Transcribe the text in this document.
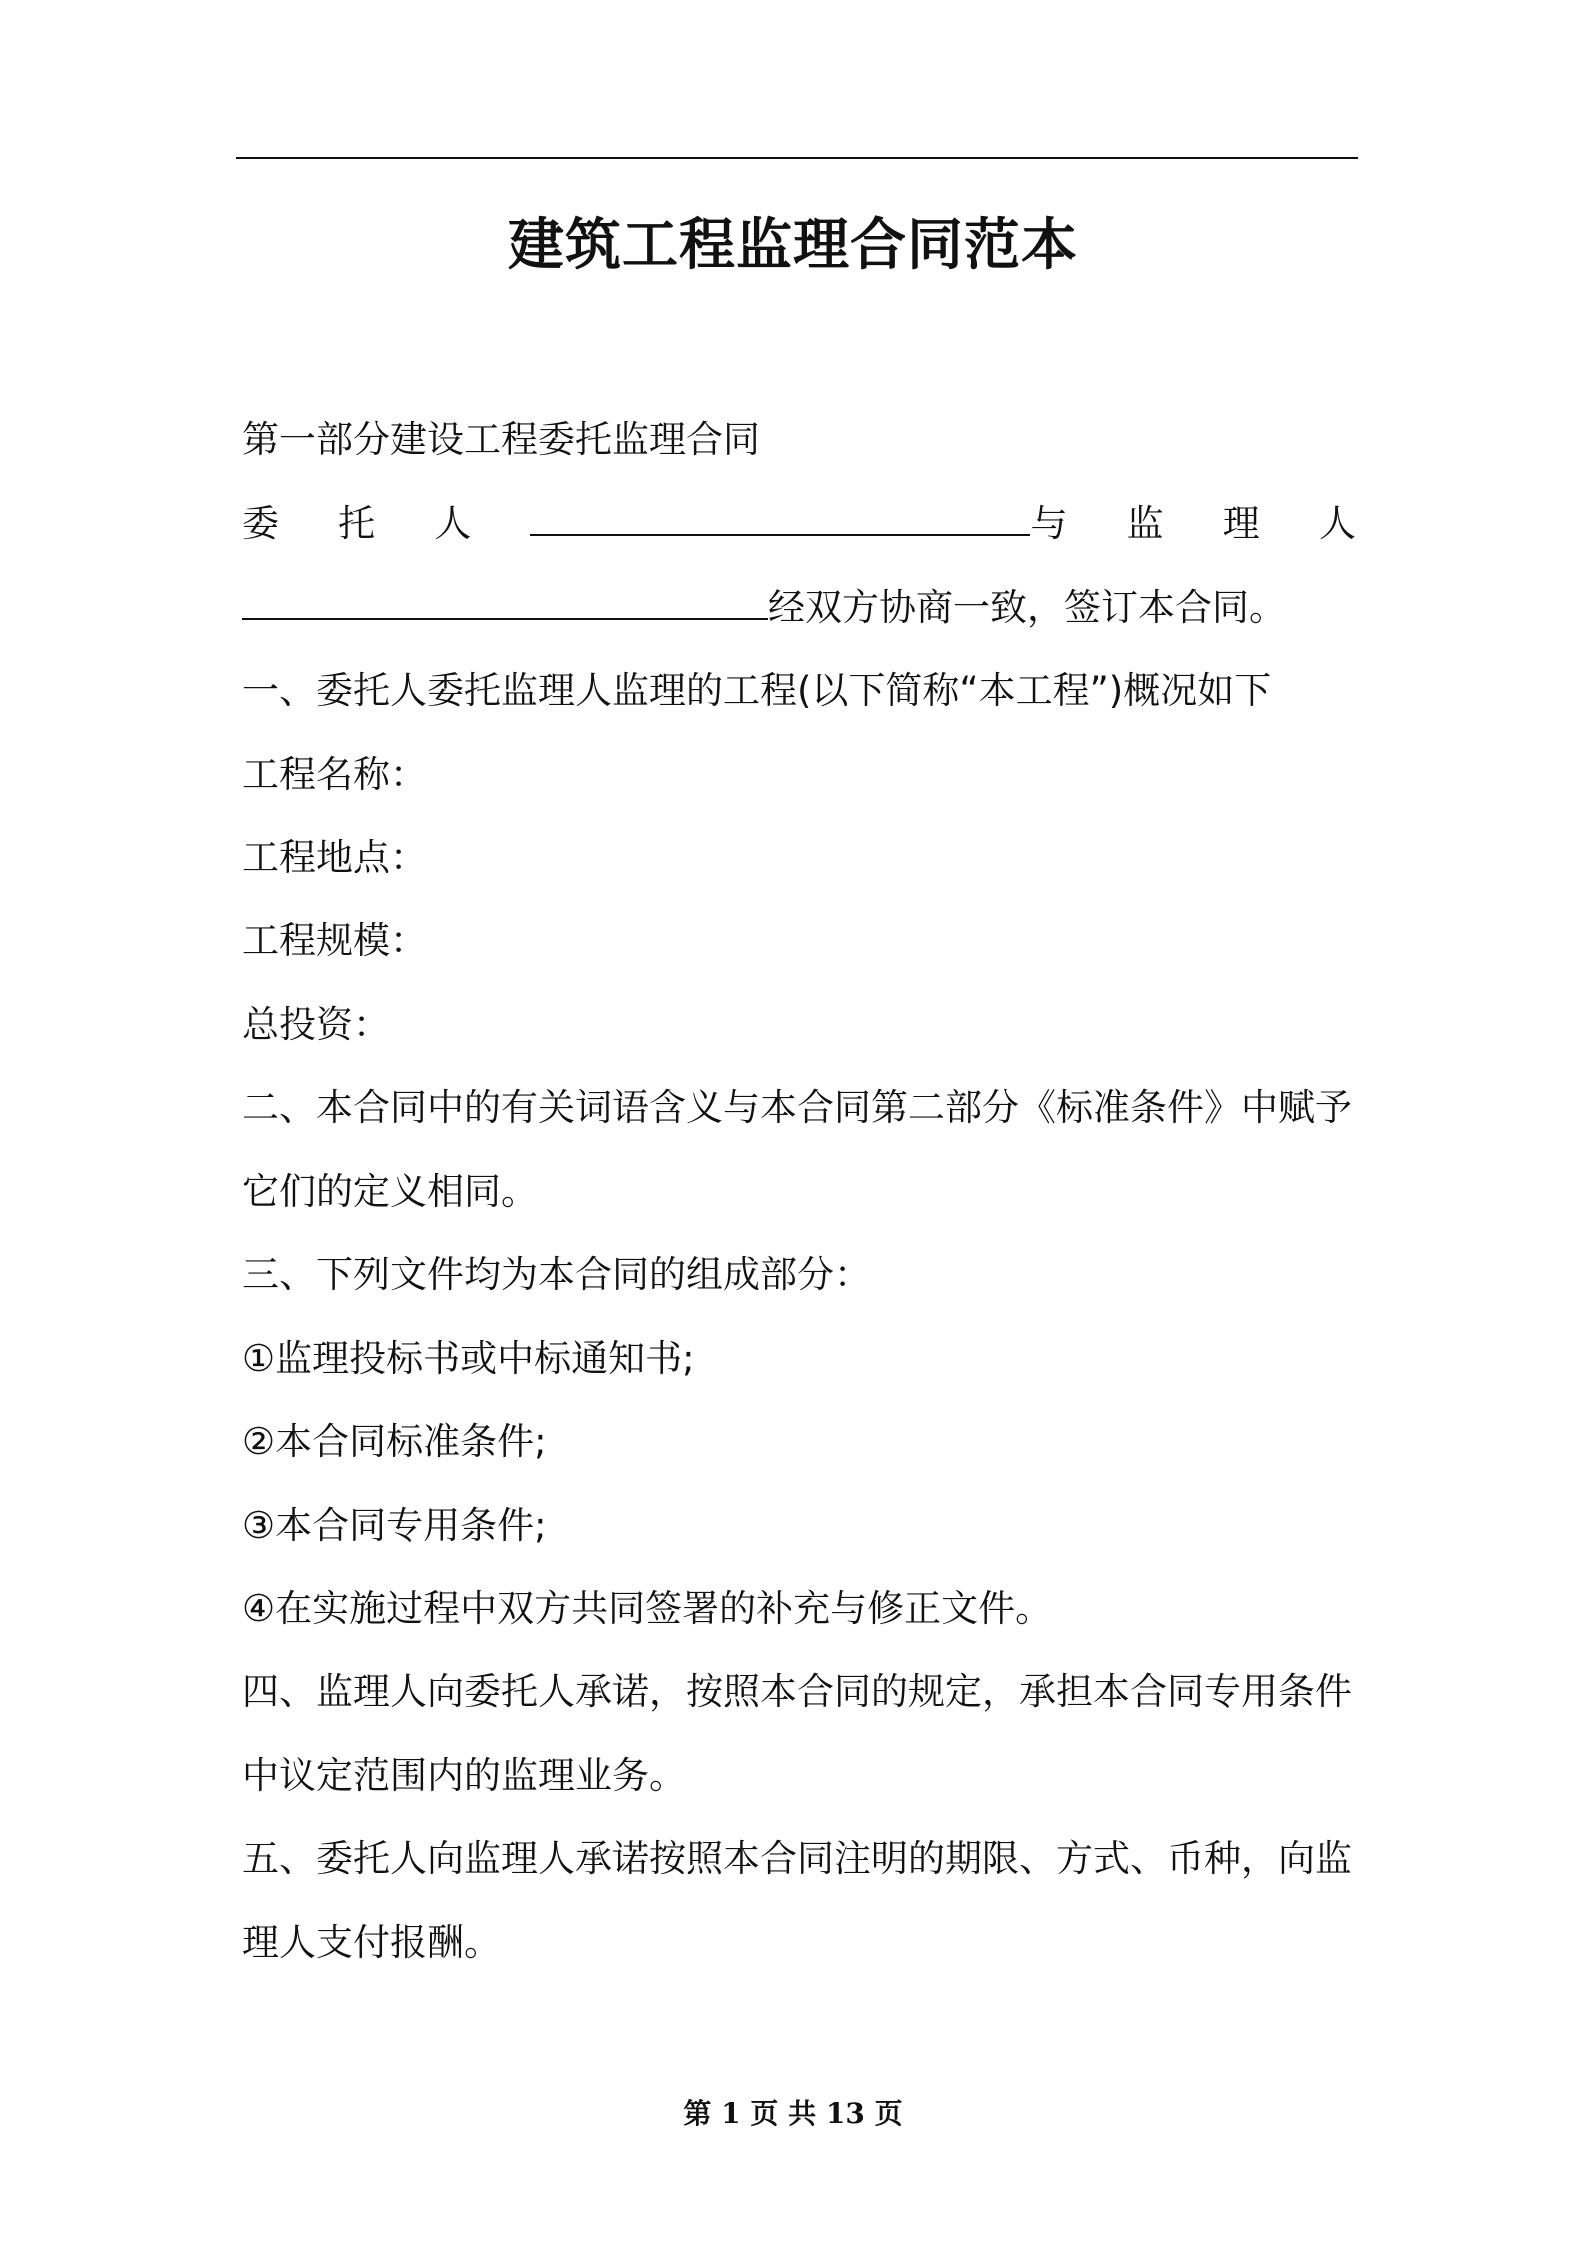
建筑工程监理合同范本
第一部分建设工程委托监理合同
委 托 人	与 监 理 人
经双方协商一致，签订本合同。
一、委托人委托监理人监理的工程(以下简称“本工程”)概况如下
工程名称：
工程地点：
工程规模：
总投资：
二、本合同中的有关词语含义与本合同第二部分《标准条件》中赋予
它们的定义相同。
三、下列文件均为本合同的组成部分：
①监理投标书或中标通知书;
②本合同标准条件;
③本合同专用条件;
④在实施过程中双方共同签署的补充与修正文件。
四、监理人向委托人承诺，按照本合同的规定，承担本合同专用条件
中议定范围内的监理业务。
五、委托人向监理人承诺按照本合同注明的期限、方式、币种，向监
理人支付报酬。
第 1 页 共 13 页
